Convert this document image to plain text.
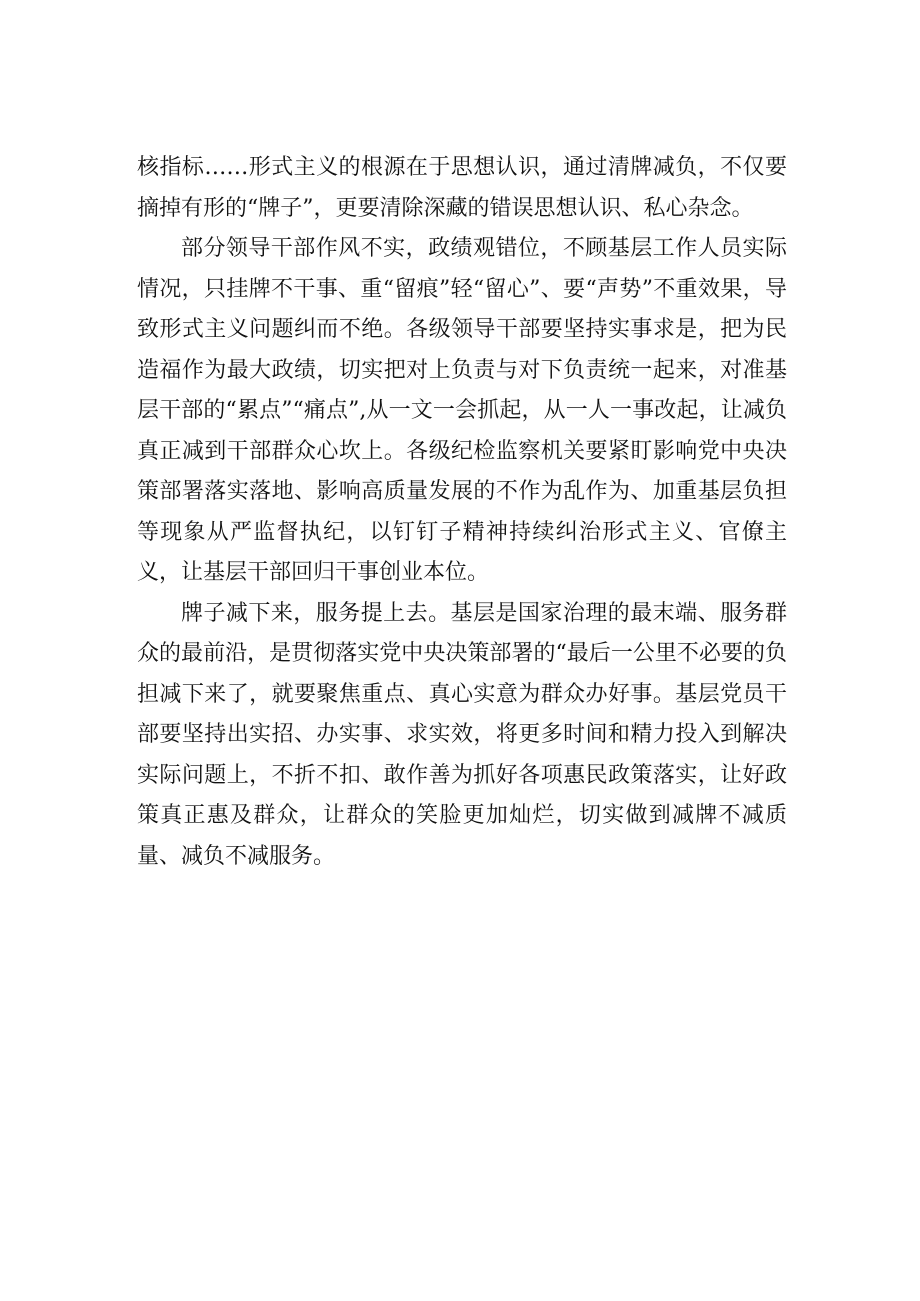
核指标……形式主义的根源在于思想认识，通过清牌减负，不仅要摘掉有形的“牌子”，更要清除深藏的错误思想认识、私心杂念。

部分领导干部作风不实，政绩观错位，不顾基层工作人员实际情况，只挂牌不干事、重“留痕”轻“留心”、要“声势”不重效果，导致形式主义问题纠而不绝。各级领导干部要坚持实事求是，把为民造福作为最大政绩，切实把对上负责与对下负责统一起来，对准基层干部的“累点”“痛点”,从一文一会抓起，从一人一事改起，让减负真正减到干部群众心坎上。各级纪检监察机关要紧盯影响党中央决策部署落实落地、影响高质量发展的不作为乱作为、加重基层负担等现象从严监督执纪，以钉钉子精神持续纠治形式主义、官僚主义，让基层干部回归干事创业本位。

牌子减下来，服务提上去。基层是国家治理的最末端、服务群众的最前沿，是贯彻落实党中央决策部署的“最后一公里不必要的负担减下来了，就要聚焦重点、真心实意为群众办好事。基层党员干部要坚持出实招、办实事、求实效，将更多时间和精力投入到解决实际问题上，不折不扣、敢作善为抓好各项惠民政策落实，让好政策真正惠及群众，让群众的笑脸更加灿烂，切实做到减牌不减质量、减负不减服务。
